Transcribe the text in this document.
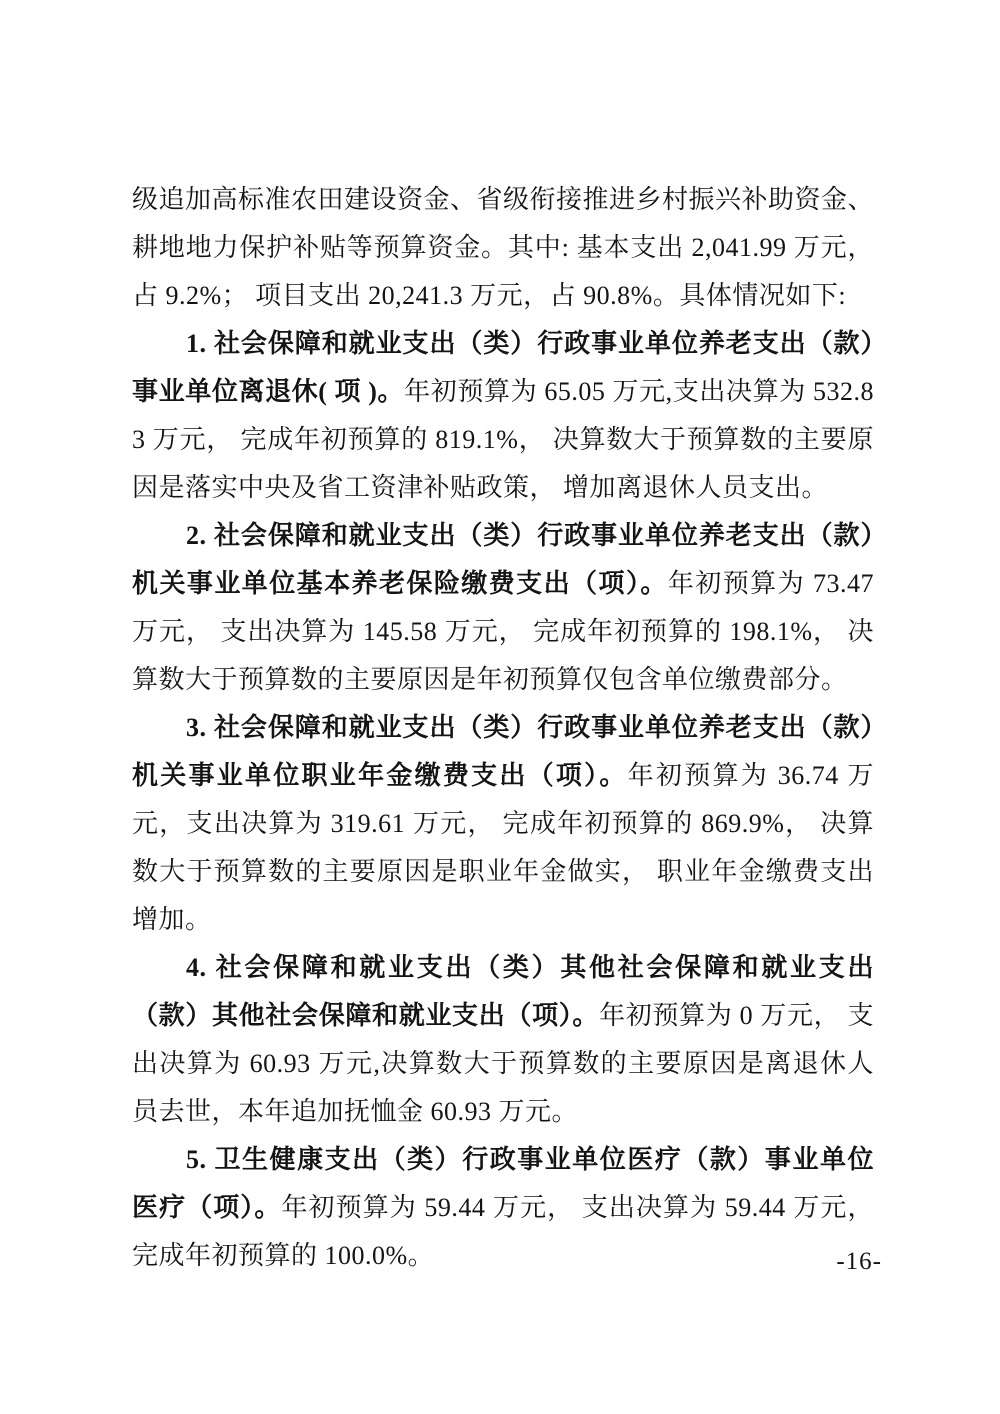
级追加高标准农田建设资金、省级衔接推进乡村振兴补助资金、耕地地力保护补贴等预算资金。其中: 基本支出 2,041.99 万元，占 9.2%； 项目支出 20,241.3 万元，占 90.8%。具体情况如下:

1. 社会保障和就业支出（类）行政事业单位养老支出（款）事业单位离退休( 项 )。年初预算为 65.05 万元,支出决算为 532.83 万元， 完成年初预算的 819.1%， 决算数大于预算数的主要原因是落实中央及省工资津补贴政策， 增加离退休人员支出。

2. 社会保障和就业支出（类）行政事业单位养老支出（款）机关事业单位基本养老保险缴费支出（项）。年初预算为 73.47 万元， 支出决算为 145.58 万元， 完成年初预算的 198.1%， 决算数大于预算数的主要原因是年初预算仅包含单位缴费部分。

3. 社会保障和就业支出（类）行政事业单位养老支出（款）机关事业单位职业年金缴费支出（项）。年初预算为 36.74 万元，支出决算为 319.61 万元， 完成年初预算的 869.9%， 决算数大于预算数的主要原因是职业年金做实， 职业年金缴费支出增加。

4. 社会保障和就业支出（类）其他社会保障和就业支出（款）其他社会保障和就业支出（项）。年初预算为 0 万元， 支出决算为 60.93 万元,决算数大于预算数的主要原因是离退休人员去世，本年追加抚恤金 60.93 万元。

5. 卫生健康支出（类）行政事业单位医疗（款）事业单位医疗（项）。年初预算为 59.44 万元， 支出决算为 59.44 万元， 完成年初预算的 100.0%。	-16-
